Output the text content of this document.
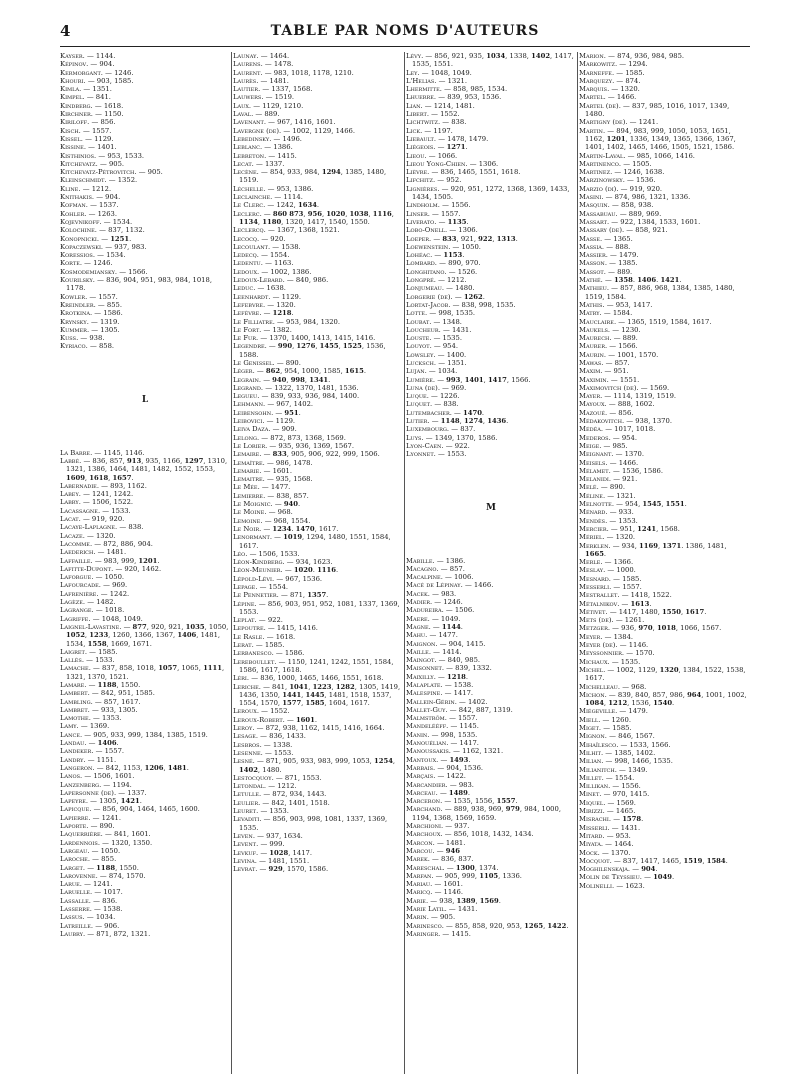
4	TABLE PAR NOMS D'AUTEURS
Kayser. — 1144.
Képinov. — 904.
Kermorgant. — 1246.
Khouri. — 903, 1585.
Kimla. — 1351.
Kimpel. — 841.
Kindberg. — 1618.
Kirchner. — 1150.
Kiriloff. — 856.
Kisch. — 1557.
Kissel. — 1129.
Kissine. — 1401.
Kisthinios. — 953, 1533.
Kitchevatz. — 905.
Kitchevatz-Pétrovitch. — 905.
Kleinschmidt. — 1352.
Kline. — 1212.
Knithakis. — 904.
Kofman. — 1537.
Kohler. — 1263.
Kojevnikoff. — 1534.
Kolochine. — 837, 1132.
Konopnicki. — 1251.
Kopaczewski. — 937, 983.
Koressios. — 1534.
Korte. — 1246.
Kosmodemiansky. — 1566.
Kourilsky. — 836, 904, 951, 983, 984, 1018, 1178.
Kowler. — 1557.
Kreindler. — 855.
Krotkina. — 1586.
Krynsky. — 1319.
Kummer. — 1305.
Kuss. — 938.
Kyriaco. — 858.
L
La Barre. — 1145, 1146.
Labbé. — 836, 857, 913, 935, 1166, 1297, 1310, 1321, 1386, 1464, 1481, 1482, 1552, 1553, 1609, 1618, 1657.
Labernadie. — 893, 1162.
Labey. — 1241, 1242.
Labry. — 1506, 1522.
Lacassagne. — 1533.
Lacat. — 919, 920.
Lacaye-Laplagne. — 838.
Lacaze. — 1320.
Lacomme. — 872, 886, 904.
Laederich. — 1481.
Laffaille. — 983, 999, 1201.
Lafitte-Dupont. — 920, 1462.
Laforgue. — 1050.
Lafourcade. — 969.
Lafrenière. — 1242.
Lagèze. — 1482.
Lagrange. — 1018.
Lagriffe. — 1048, 1049.
Laignel-Lavastine. — 877, 920, 921, 1035, 1050, 1052, 1233, 1260, 1366, 1367, 1406, 1481, 1534, 1558, 1669, 1671.
Laigret. — 1585.
Lallès. — 1533.
Lamache. — 837, 858, 1018, 1057, 1065, 1111, 1321, 1370, 1521.
Lamare. — 1188, 1550.
Lambert. — 842, 951, 1585.
Lambling. — 857, 1617.
Lambret. — 933, 1305.
Lamothe. — 1353.
Lamy. — 1369.
Lance. — 905, 933, 999, 1384, 1385, 1519.
Landau. — 1406.
Landeker. — 1557.
Landry. — 1151.
Langeron. — 842, 1153, 1206, 1481.
Lanos. — 1506, 1601.
Lanzenberg. — 1194.
Lapersonne (de). — 1337.
Lapeyre. — 1305, 1421.
Lapicque. — 856, 904, 1464, 1465, 1600.
Lapierre. — 1241.
Laporte. — 890.
Laquerrière. — 841, 1601.
Lardennois. — 1320, 1350.
Largeau. — 1050.
Laroche. — 855.
Larget. — 1188, 1550.
Larovenne. — 874, 1570.
Larue. — 1241.
Laruelle. — 1017.
Lassalle. — 836.
Lasserre. — 1538.
Lassus. — 1034.
Latreille. — 906.
Laubry. — 871, 872, 1321.
Launay. — 1464.
Laurens. — 1478.
Laurent. — 983, 1018, 1178, 1210.
Laurès. — 1481.
Lautier. — 1337, 1568.
Lauwers. — 1519.
Laux. — 1129, 1210.
Laval. — 889.
Lavenant. — 967, 1416, 1601.
Lavergne (de). — 1002, 1129, 1466.
Lebedinsky. — 1496.
Leblanc. — 1386.
Lebreton. — 1415.
Lecat. — 1337.
Lecène. — 854, 933, 984, 1294, 1385, 1480, 1519.
Léchelle. — 953, 1386.
Leclainche. — 1114.
Le Clerc. — 1242, 1634.
Leclerc. — 860 873, 956, 1020, 1038, 1116, 1134, 1180, 1320, 1417, 1540, 1550.
Leclercq. — 1367, 1368, 1521.
Lecocq. — 920.
Lecoulant. — 1538.
Ledecq. — 1554.
Ledentu. — 1163.
Ledoux. — 1002, 1386.
Ledoux-Lebard. — 840, 986.
Leduc. — 1638.
Leenhardt. — 1129.
Lefebvre. — 1320.
Lefèvre. — 1218.
Le Filliatre. — 953, 984, 1320.
Le Fort. — 1382.
Le Fur. — 1370, 1400, 1413, 1415, 1416.
Legendre. — 990, 1276, 1455, 1525, 1536, 1588.
Le Genissel. — 890.
Léger. — 862, 954, 1000, 1585, 1615.
Legrain. — 940, 998, 1341.
Legrand. — 1322, 1370, 1481, 1536.
Legueu. — 839, 933, 936, 984, 1400.
Lehmann. — 967, 1402.
Leibensohn. — 951.
Leibovici. — 1129.
Leiva Daza. — 909.
Lelong. — 872, 873, 1368, 1569.
Le Lorier. — 935, 936, 1369, 1567.
Lemaire. — 833, 905, 906, 922, 999, 1506.
Lemaître. — 986, 1478.
Lemarie. — 1601.
Lemaitre. — 935, 1568.
Le Mée. — 1477.
Lemierre. — 838, 857.
Le Moignic. — 940.
Le Moine. — 968.
Lemoine. — 968, 1554.
Le Noir. — 1234. 1470, 1617.
Lenormant. — 1019, 1294, 1480, 1551, 1584, 1617.
Léo. — 1506, 1533.
Léon-Kindberg. — 934, 1623.
Léon-Meunier. — 1020. 1116.
Lépold-Lévi. — 967, 1536.
Lepage. — 1554.
Le Pennetier. — 871, 1357.
Lépine. — 856, 903, 951, 952, 1081, 1337, 1369, 1553.
Leplat. — 922.
Lepoutre. — 1415, 1416.
Le Rasle. — 1618.
Lerat. — 1585.
Lerbanesco. — 1586.
Lereboullet. — 1150, 1241, 1242, 1551, 1584, 1586, 1617, 1618.
Léri. — 836, 1000, 1465, 1466, 1551, 1618.
Leriche. — 841, 1041, 1223, 1282, 1305, 1419, 1436, 1350, 1441, 1445, 1481, 1518, 1537, 1554, 1570, 1577, 1585, 1604, 1617.
Leroux. — 1552.
Leroux-Robert. — 1601.
Leroy. — 872, 938, 1162, 1415, 1416, 1664.
Lesage. — 836, 1433.
Lesbros. — 1338.
Lesenne. — 1553.
Lesné. — 871, 905, 933, 983, 999, 1053, 1254, 1402, 1480.
Lestocquoy. — 871, 1553.
Letondal. — 1212.
Letulle. — 872, 934, 1443.
Leulier. — 842, 1401, 1518.
Leuret. — 1353.
Levaditi. — 856, 903, 998, 1081, 1337, 1369, 1535.
Leven. — 937, 1634.
Levent. — 999.
Levkuf. — 1028, 1417.
Levina. — 1481, 1551.
Levrat. — 929, 1570, 1586.
Lévy. — 856, 921, 935, 1034, 1338, 1402, 1417, 1535, 1551.
Ley. — 1048, 1049.
L'Helias. — 1321.
Lhermitte. — 858, 985, 1534.
Lhuerre. — 839, 953, 1536.
Lian. — 1214, 1481.
Libert. — 1552.
Lichtwitz. — 838.
Lick. — 1197.
Liebault. — 1478, 1479.
Liégeois. — 1271.
Lieou. — 1066.
Lieou Yong-Chien. — 1306.
Lièvre. — 836, 1465, 1551, 1618.
Lifchitz. — 952.
Lignières. — 920, 951, 1272, 1368, 1369, 1433, 1434, 1505.
Lindholm. — 1556.
Linser. — 1557.
Liverato. — 1135.
Lobo-Onell. — 1306.
Loeper. — 833, 921, 922, 1313.
Loewenstein. — 1050.
Lohéac. — 1153.
Lombard. — 890, 970.
Longhitano. — 1526.
Longpré. — 1212.
Lonjumeau. — 1480.
Lorgerie (de). — 1262.
Lortat-Jacob. — 838, 998, 1535.
Lotte. — 998, 1535.
Loubat. — 1348.
Loucheur. — 1431.
Louste. — 1535.
Louyot. — 954.
Lowsley. — 1400.
Lucksch. — 1351.
Lujan. — 1034.
Lumière. — 993, 1401, 1417, 1566.
Luna (de). — 969.
Luque. — 1226.
Luquet. — 838.
Lutembacher. — 1470.
Lutier. — 1148, 1274, 1436.
Luxembourg. — 837.
Luys. — 1349, 1370, 1586.
Lyon-Caen. — 922.
Lyonnet. — 1553.
M
Mabille. — 1386.
Macagno. — 857.
Macalpine. — 1006.
Macé de Lépinay. — 1466.
Macek. — 983.
Madier. — 1246.
Madureira. — 1506.
Maere. — 1049.
Magne. — 1144.
Mahu. — 1477.
Maignon. — 904, 1415.
Maille. — 1414.
Maingot. — 840, 985.
Maisonnet. — 839, 1332.
Maixilly. — 1218.
Malaplate. — 1538.
Malespine. — 1417.
Mallein-Gérin. — 1402.
Mallet-Guy. — 842, 887, 1319.
Malmström. — 1557.
Mandelééff. — 1145.
Manin. — 998, 1535.
Manouélian. — 1417.
Manoussakis. — 1162, 1321.
Mantoux. — 1493.
Marbais. — 904, 1536.
Marçais. — 1422.
Marcandier. — 983.
Marceau. — 1489.
Marceron. — 1535, 1556, 1557.
Marchand. — 889, 938, 969, 979, 984, 1000, 1194, 1368, 1569, 1659.
Marchioni. — 937.
Marchoux. — 856, 1018, 1432, 1434.
Marcon. — 1481.
Marcou. — 946
Marek. — 836, 837.
Mareschal. — 1300, 1374.
Marfan. — 905, 999, 1105, 1336.
Mariau. — 1601.
Maricq. — 1146.
Marie. — 938, 1389, 1569.
Marie Latil. — 1431.
Marin. — 905.
Marinesco. — 855, 858, 920, 953, 1265, 1422.
Maringer. — 1415.
Marion. — 874, 936, 984, 985.
Markowitz. — 1294.
Marneffe. — 1585.
Marquezy. — 874.
Marquis. — 1320.
Martel. — 1466.
Martel (de). — 837, 985, 1016, 1017, 1349, 1480.
Martigny (de). — 1241.
Martin. — 894, 983, 999, 1050, 1053, 1651, 1162, 1201, 1336, 1349, 1365, 1366, 1367, 1401, 1402, 1465, 1466, 1505, 1521, 1586.
Martin-Laval. — 985, 1066, 1416.
Martinenco. — 1505.
Martinez. — 1246, 1638.
Marzinowsky. — 1536.
Marzio (di). — 919, 920.
Masini. — 874, 986, 1321, 1336.
Masquin. — 858, 938.
Massabuau. — 889, 969.
Massart. — 922, 1384, 1533, 1601.
Massary (de). — 858, 921.
Masse. — 1365.
Massia. — 888.
Massier. — 1479.
Masson. — 1385.
Massot. — 889.
Mathé. — 1358. 1406. 1421.
Mathieu. — 857, 886, 968, 1384, 1385, 1480, 1519, 1584.
Mathis. — 953, 1417.
Matry. — 1584.
Mauclaire. — 1365, 1519, 1584, 1617.
Maukels. — 1230.
Maurech. — 889.
Maurer. — 1566.
Maurin. — 1001, 1570.
Mawas. — 857.
Maxim. — 951.
Maximin. — 1551.
Maximovitch (de). — 1569.
Mayer. — 1114, 1319, 1519.
Mayoux. — 888, 1602.
Mazoué. — 856.
Médakovitch. — 938, 1370.
Médéa. — 1017, 1018.
Mederos. — 954.
Meige. — 985.
Meignant. — 1370.
Meisels. — 1466.
Mélamet. — 1536, 1586.
Melanidi. — 921.
Melé. — 890.
Méline. — 1321.
Melnotte. — 954, 1545, 1551.
Ménard. — 933.
Mendès. — 1353.
Mercier. — 951, 1241, 1568.
Mériel. — 1320.
Merklen. — 934, 1169, 1371. 1386, 1481, 1665.
Merle. — 1366.
Meslay. — 1000.
Mesnard. — 1585.
Messerli. — 1557.
Mestrallet. — 1418, 1522.
Métalnikov. — 1613.
Métivet. — 1417, 1480, 1550, 1617.
Mets (de). — 1261.
Metzger. — 936, 970, 1018, 1066, 1567.
Meyer. — 1384.
Meyer (de). — 1146.
Meyssonnier. — 1570.
Michaux. — 1535.
Michel. — 1002, 1129, 1320, 1384, 1522, 1538, 1617.
Michelleau. — 968.
Michon. — 839, 840, 857, 986, 964, 1001, 1002, 1084, 1212, 1536, 1540.
Miégeville. — 1479.
Miell. — 1260.
Miget. — 1585.
Mignon. — 846, 1567.
Mihaïlesco. — 1533, 1566.
Milhit. — 1385, 1402.
Milian. — 998, 1466, 1535.
Milianitch. — 1349.
Millet. — 1554.
Millikan. — 1556.
Minet. — 970, 1415.
Miquel. — 1569.
Mirizzi. — 1465.
Misrachi. — 1578.
Misserli. — 1431.
Mitard. — 953.
Miyata. — 1464.
Mock. — 1370.
Mocquot. — 837, 1417, 1465, 1519, 1584.
Moghilenskaja. — 904.
Molin de Teyssieu. — 1049.
Molinelli. — 1623.
